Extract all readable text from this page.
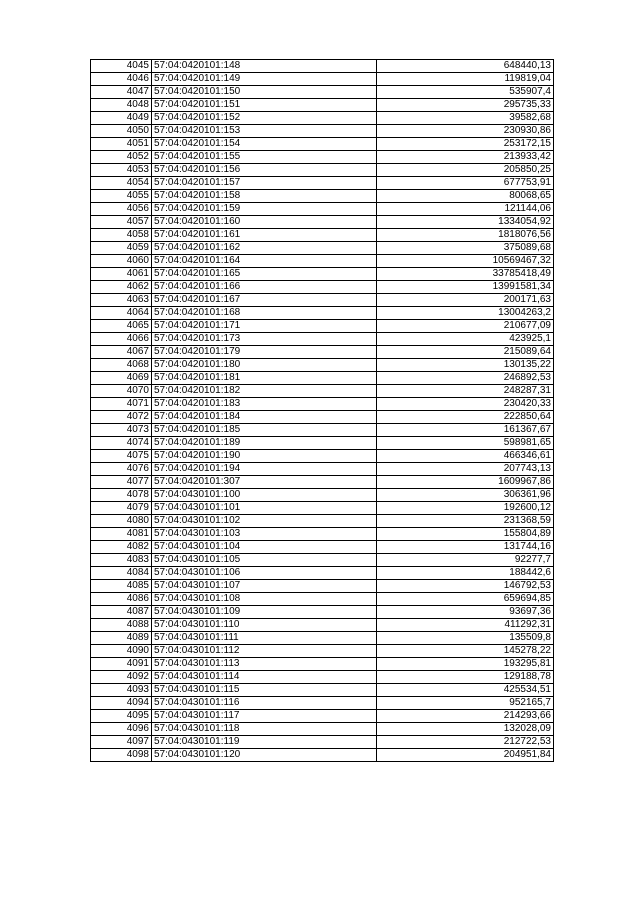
4045	57:04:0420101:148	648440,13
4046	57:04:0420101:149	119819,04
4047	57:04:0420101:150	535907,4
4048	57:04:0420101:151	295735,33
4049	57:04:0420101:152	39582,68
4050	57:04:0420101:153	230930,86
4051	57:04:0420101:154	253172,15
4052	57:04:0420101:155	213933,42
4053	57:04:0420101:156	205850,25
4054	57:04:0420101:157	677753,91
4055	57:04:0420101:158	80068,65
4056	57:04:0420101:159	121144,06
4057	57:04:0420101:160	1334054,92
4058	57:04:0420101:161	1818076,56
4059	57:04:0420101:162	375089,68
4060	57:04:0420101:164	10569467,32
4061	57:04:0420101:165	33785418,49
4062	57:04:0420101:166	13991581,34
4063	57:04:0420101:167	200171,63
4064	57:04:0420101:168	13004263,2
4065	57:04:0420101:171	210677,09
4066	57:04:0420101:173	423925,1
4067	57:04:0420101:179	215089,64
4068	57:04:0420101:180	130135,22
4069	57:04:0420101:181	246892,53
4070	57:04:0420101:182	248287,31
4071	57:04:0420101:183	230420,33
4072	57:04:0420101:184	222850,64
4073	57:04:0420101:185	161367,67
4074	57:04:0420101:189	598981,65
4075	57:04:0420101:190	466346,61
4076	57:04:0420101:194	207743,13
4077	57:04:0420101:307	1609967,86
4078	57:04:0430101:100	306361,96
4079	57:04:0430101:101	192600,12
4080	57:04:0430101:102	231368,59
4081	57:04:0430101:103	155804,89
4082	57:04:0430101:104	131744,16
4083	57:04:0430101:105	92277,7
4084	57:04:0430101:106	188442,6
4085	57:04:0430101:107	146792,53
4086	57:04:0430101:108	659694,85
4087	57:04:0430101:109	93697,36
4088	57:04:0430101:110	411292,31
4089	57:04:0430101:111	135509,8
4090	57:04:0430101:112	145278,22
4091	57:04:0430101:113	193295,81
4092	57:04:0430101:114	129188,78
4093	57:04:0430101:115	425534,51
4094	57:04:0430101:116	952165,7
4095	57:04:0430101:117	214293,66
4096	57:04:0430101:118	132028,09
4097	57:04:0430101:119	212722,53
4098	57:04:0430101:120	204951,84
